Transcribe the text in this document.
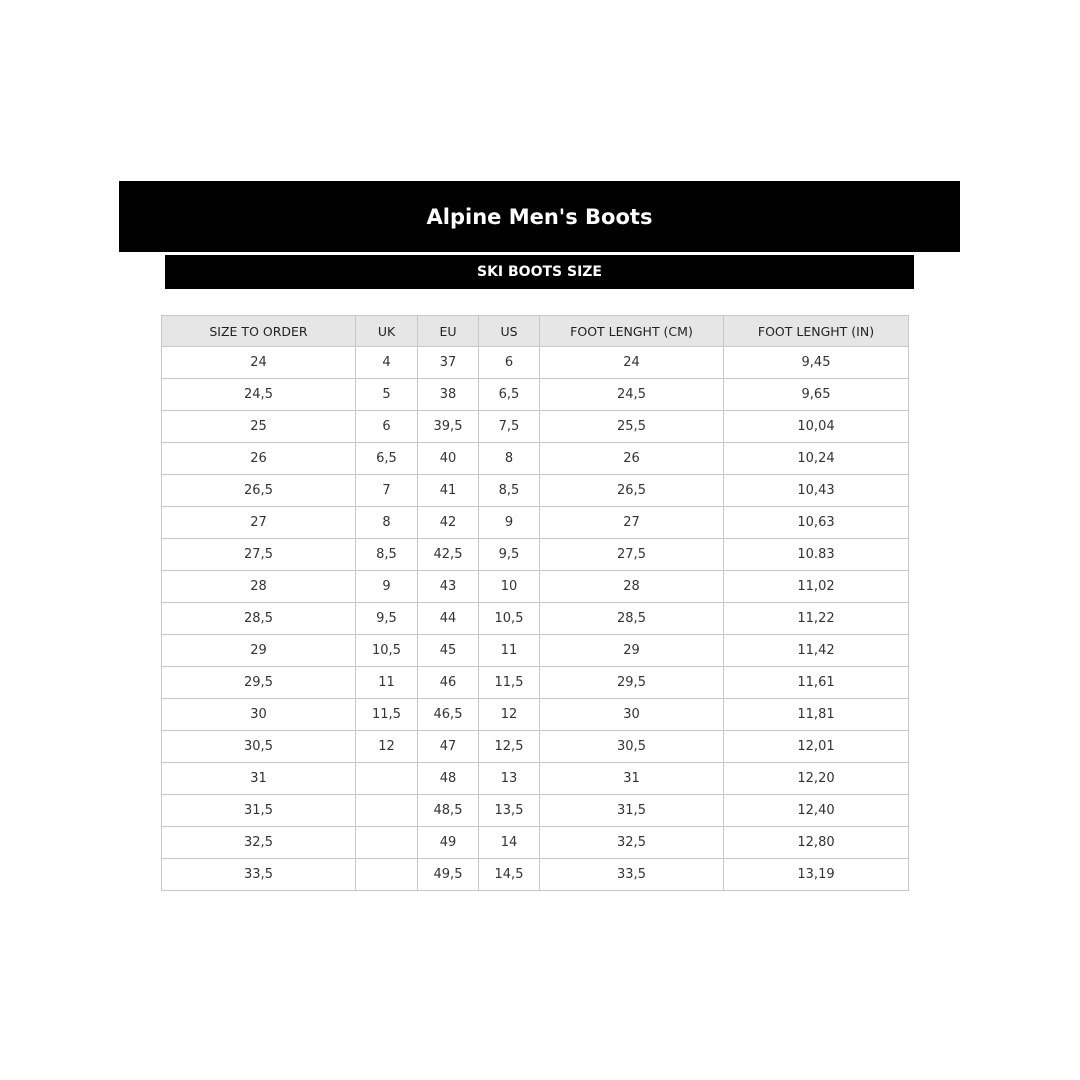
Alpine Men's Boots
SKI BOOTS SIZE
SIZE TO ORDER	UK	EU	US	FOOT LENGHT (CM)	FOOT LENGHT (IN)
24	4	37	6	24	9,45
24,5	5	38	6,5	24,5	9,65
25	6	39,5	7,5	25,5	10,04
26	6,5	40	8	26	10,24
26,5	7	41	8,5	26,5	10,43
27	8	42	9	27	10,63
27,5	8,5	42,5	9,5	27,5	10.83
28	9	43	10	28	11,02
28,5	9,5	44	10,5	28,5	11,22
29	10,5	45	11	29	11,42
29,5	11	46	11,5	29,5	11,61
30	11,5	46,5	12	30	11,81
30,5	12	47	12,5	30,5	12,01
31		48	13	31	12,20
31,5		48,5	13,5	31,5	12,40
32,5		49	14	32,5	12,80
33,5		49,5	14,5	33,5	13,19
